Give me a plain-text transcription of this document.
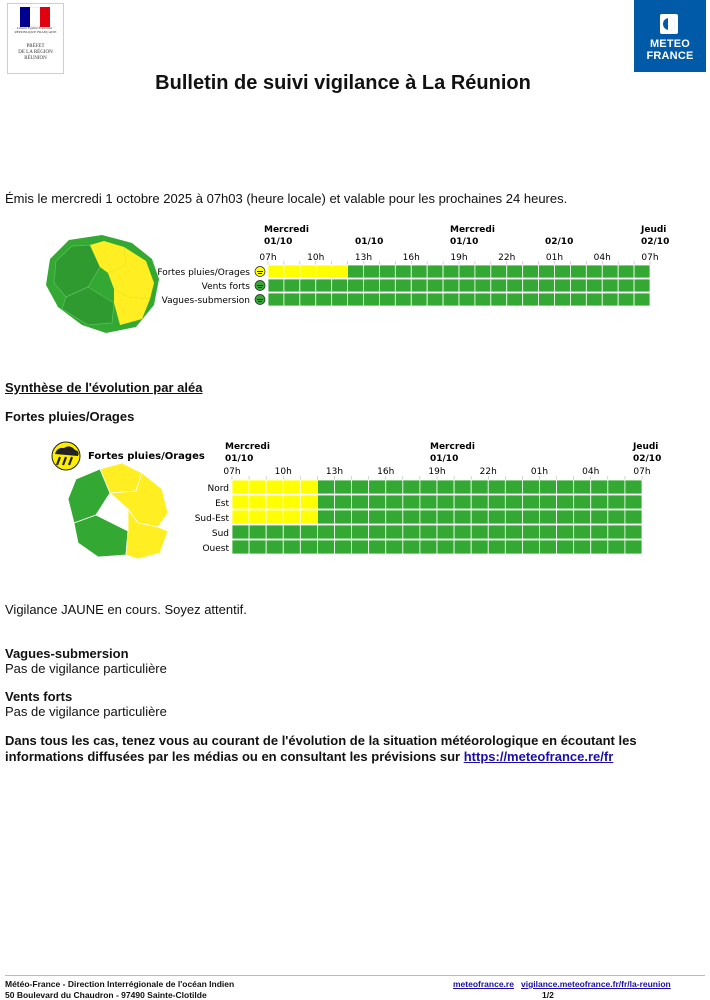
Liberté Égalité Fraternité · RÉPUBLIQUE FRANÇAISE
PRÉFET
DE LA RÉGION
RÉUNION
METEO
FRANCE
Bulletin de suivi vigilance à La Réunion
Émis le mercredi 1 octobre 2025 à 07h03 (heure locale) et valable pour les prochaines 24 heures.
Mercredi
01/10	01/10
Mercredi
01/10	02/10
Jeudi
02/10
07h	10h	13h	16h	19h	22h	01h	04h	07h
Fortes pluies/Orages
Vents forts
Vagues-submersion
Synthèse de l'évolution par aléa
Fortes pluies/Orages
Fortes pluies/Orages
Mercredi
01/10
Mercredi
01/10
Jeudi
02/10
07h	10h	13h	16h	19h	22h	01h	04h	07h
Nord
Est
Sud-Est
Sud
Ouest
Vigilance JAUNE en cours. Soyez attentif.
Vagues-submersion
Pas de vigilance particulière
Vents forts
Pas de vigilance particulière
Dans tous les cas, tenez vous au courant de l'évolution de la situation météorologique en écoutant les informations diffusées par les médias ou en consultant les prévisions sur https://meteofrance.re/fr
Météo-France - Direction Interrégionale de l'océan Indien
50 Boulevard du Chaudron - 97490 Sainte-Clotilde
meteofrance.re vigilance.meteofrance.fr/fr/la-reunion
1/2
